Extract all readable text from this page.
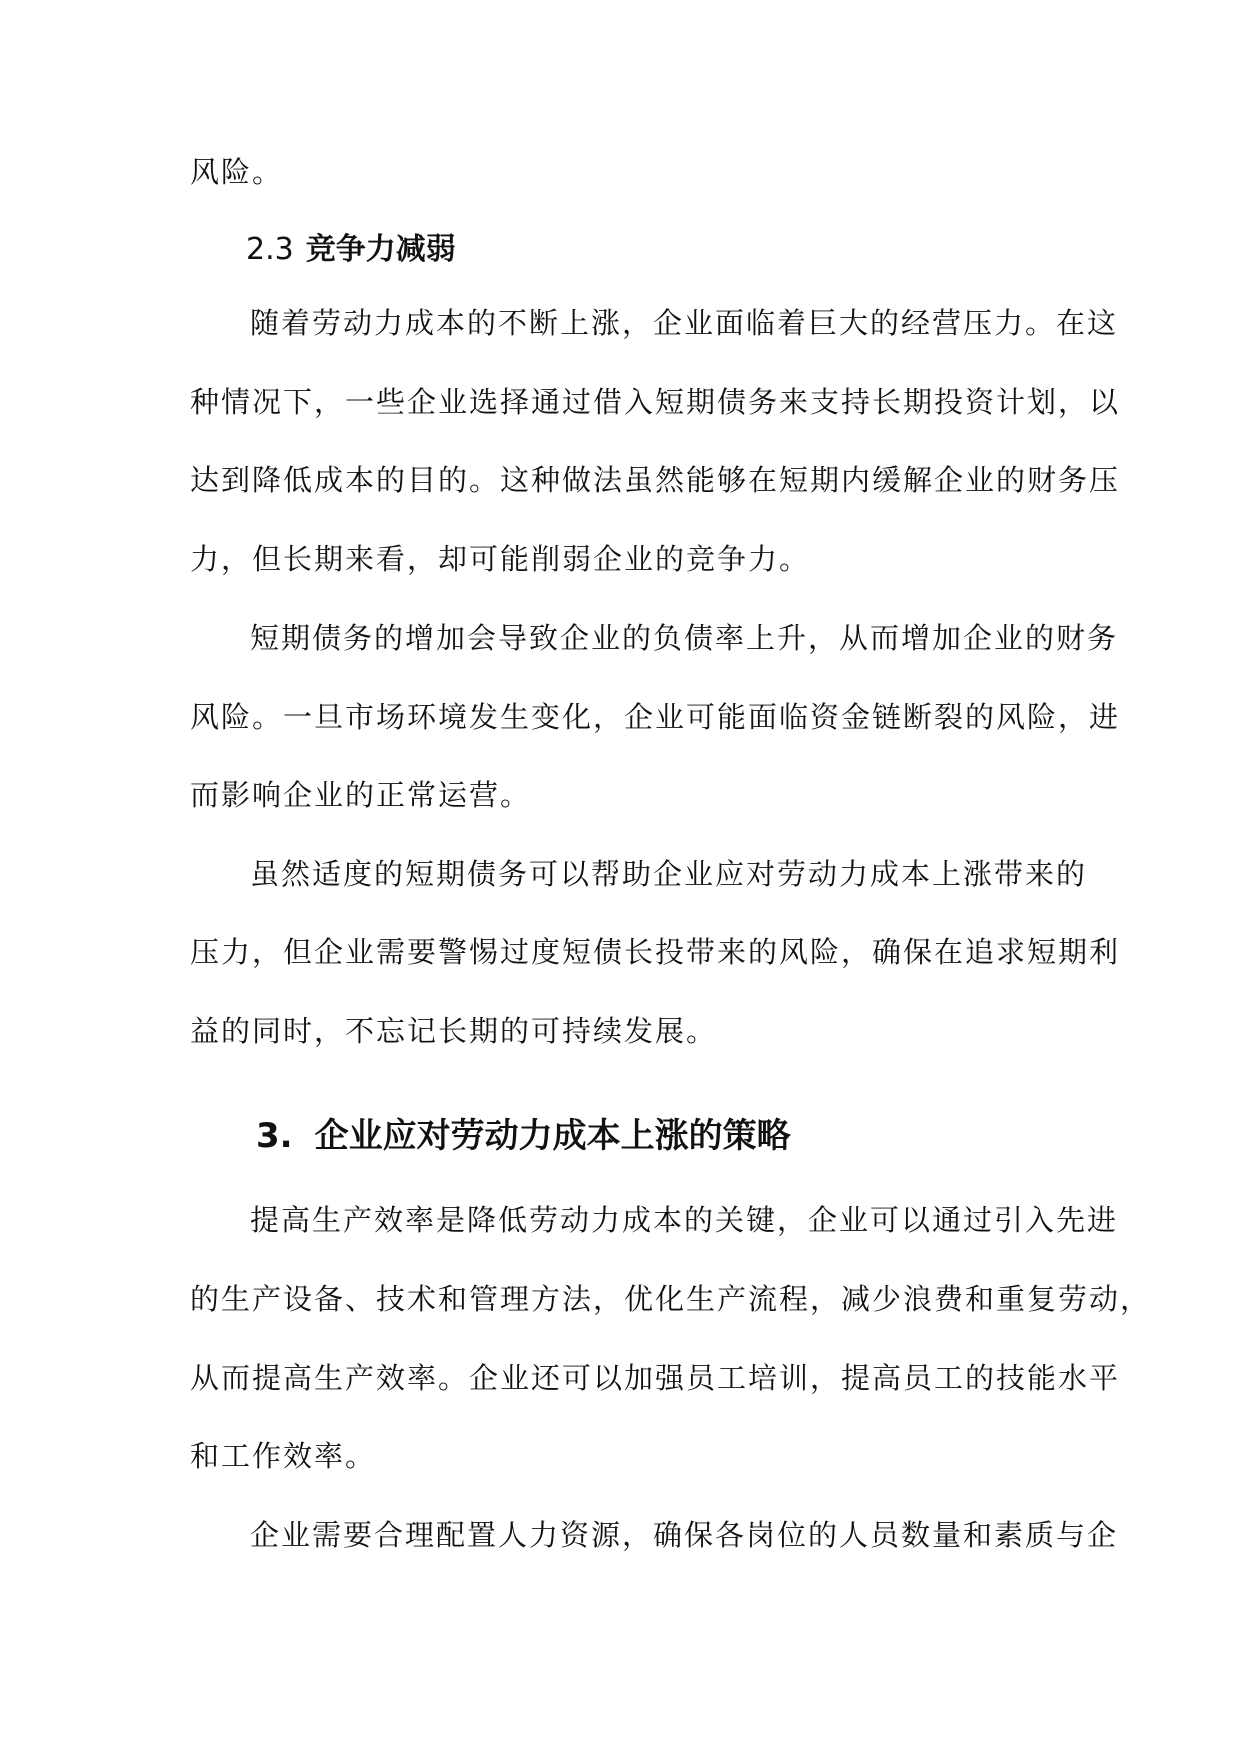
风险。
2.3 竞争力减弱
随着劳动力成本的不断上涨，企业面临着巨大的经营压力。在这
种情况下，一些企业选择通过借入短期债务来支持长期投资计划，以
达到降低成本的目的。这种做法虽然能够在短期内缓解企业的财务压
力，但长期来看，却可能削弱企业的竞争力。
短期债务的增加会导致企业的负债率上升，从而增加企业的财务
风险。一旦市场环境发生变化，企业可能面临资金链断裂的风险，进
而影响企业的正常运营。
虽然适度的短期债务可以帮助企业应对劳动力成本上涨带来的
压力，但企业需要警惕过度短债长投带来的风险，确保在追求短期利
益的同时，不忘记长期的可持续发展。
3. 企业应对劳动力成本上涨的策略
提高生产效率是降低劳动力成本的关键，企业可以通过引入先进
的生产设备、技术和管理方法，优化生产流程，减少浪费和重复劳动，
从而提高生产效率。企业还可以加强员工培训，提高员工的技能水平
和工作效率。
企业需要合理配置人力资源，确保各岗位的人员数量和素质与企
